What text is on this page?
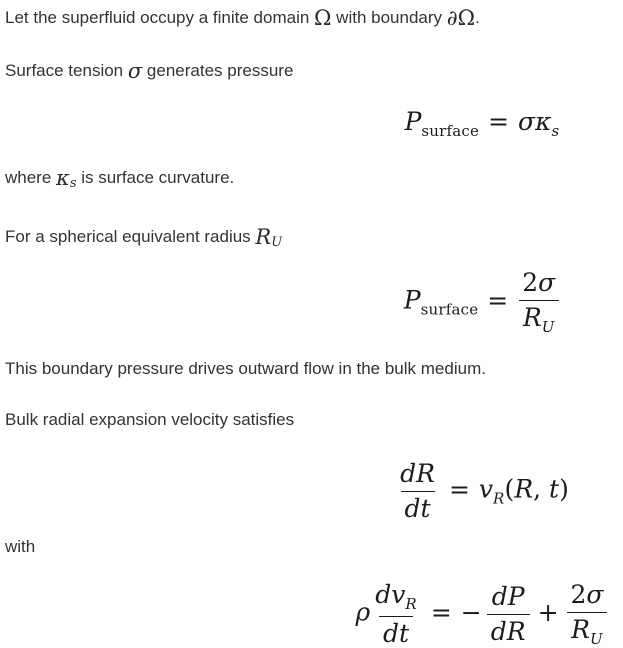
Let the superfluid occupy a finite domain Ω with boundary ∂Ω.

Surface tension σ generates pressure

$P_{surface} = \sigma\kappa_s$

where $\kappa_s$ is surface curvature.

For a spherical equivalent radius $R_U$

$P_{surface} = \frac{2\sigma}{R_U}$

This boundary pressure drives outward flow in the bulk medium.

Bulk radial expansion velocity satisfies

$\frac{dR}{dt} = v_R(R$, t)

with

ρ $\frac{dv_R}{dt}$ = − $\frac{dP}{dR} + \frac{2\sigma}{R_U}$
